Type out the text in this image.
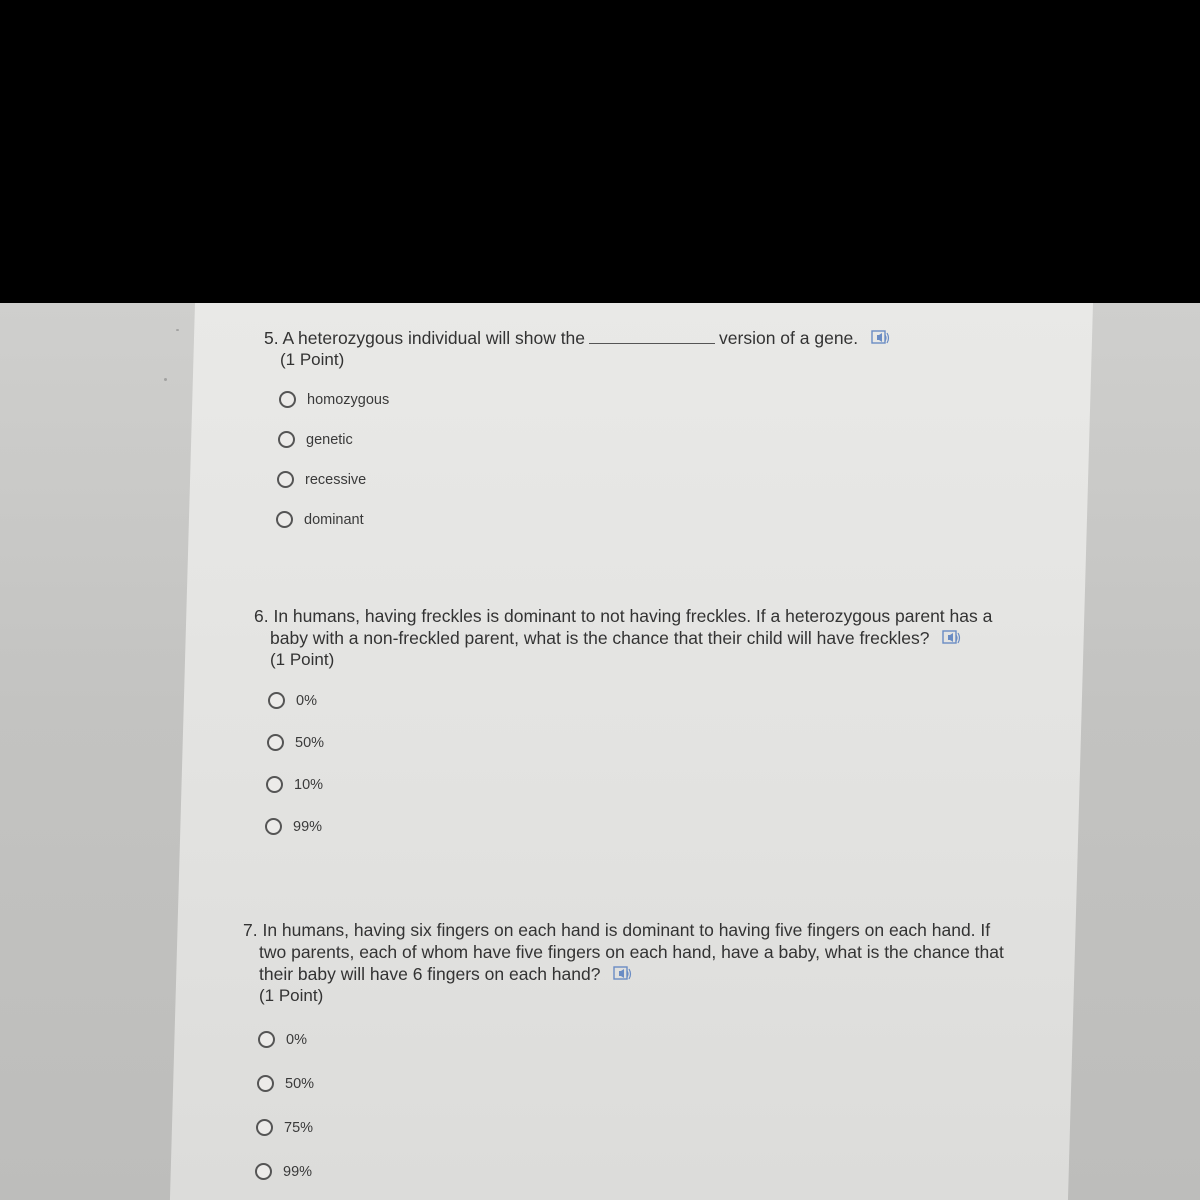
5. A heterozygous individual will show the	version of a gene.
(1 Point)
homozygous
genetic
recessive
dominant
6. In humans, having freckles is dominant to not having freckles. If a heterozygous parent has a
baby with a non-freckled parent, what is the chance that their child will have freckles?
(1 Point)
0%
50%
10%
99%
7. In humans, having six fingers on each hand is dominant to having five fingers on each hand. If
two parents, each of whom have five fingers on each hand, have a baby, what is the chance that
their baby will have 6 fingers on each hand?
(1 Point)
0%
50%
75%
99%
